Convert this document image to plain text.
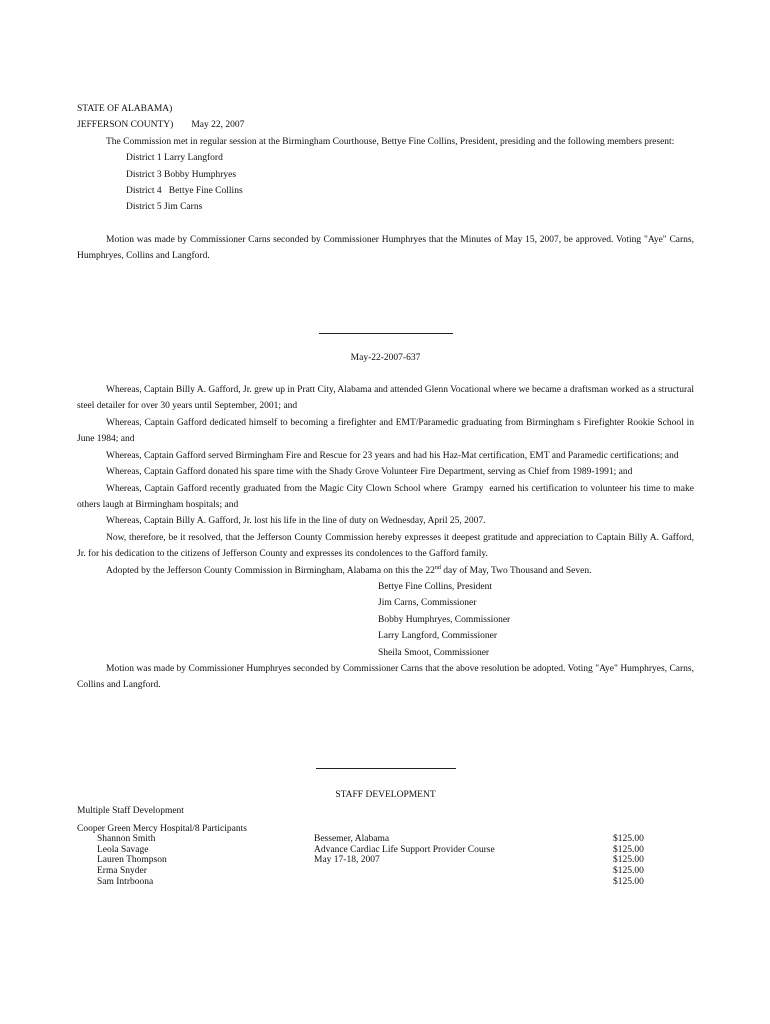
STATE OF ALABAMA)

JEFFERSON COUNTY) May 22, 2007

The Commission met in regular session at the Birmingham Courthouse, Bettye Fine Collins, President, presiding and the following members present:

District 1 Larry Langford

District 3 Bobby Humphryes

District 4   Bettye Fine Collins

District 5 Jim Carns

Motion was made by Commissioner Carns seconded by Commissioner Humphryes that the Minutes of May 15, 2007, be approved. Voting "Aye" Carns, Humphryes, Collins and Langford.

May-22-2007-637

Whereas, Captain Billy A. Gafford, Jr. grew up in Pratt City, Alabama and attended Glenn Vocational where we became a draftsman worked as a structural steel detailer for over 30 years until September, 2001; and

Whereas, Captain Gafford dedicated himself to becoming a firefighter and EMT/Paramedic graduating from Birmingham s Firefighter Rookie School in June 1984; and

Whereas, Captain Gafford served Birmingham Fire and Rescue for 23 years and had his Haz-Mat certification, EMT and Paramedic certifications; and

Whereas, Captain Gafford donated his spare time with the Shady Grove Volunteer Fire Department, serving as Chief from 1989-1991; and

Whereas, Captain Gafford recently graduated from the Magic City Clown School where  Grampy  earned his certification to volunteer his time to make others laugh at Birmingham hospitals; and

Whereas, Captain Billy A. Gafford, Jr. lost his life in the line of duty on Wednesday, April 25, 2007.

Now, therefore, be it resolved, that the Jefferson County Commission hereby expresses it deepest gratitude and appreciation to Captain Billy A. Gafford, Jr. for his dedication to the citizens of Jefferson County and expresses its condolences to the Gafford family.

Adopted by the Jefferson County Commission in Birmingham, Alabama on this the 22nd day of May, Two Thousand and Seven.

Bettye Fine Collins, President

Jim Carns, Commissioner

Bobby Humphryes, Commissioner

Larry Langford, Commissioner

Sheila Smoot, Commissioner

Motion was made by Commissioner Humphryes seconded by Commissioner Carns that the above resolution be adopted. Voting "Aye" Humphryes, Carns, Collins and Langford.

STAFF DEVELOPMENT

Multiple Staff Development

Cooper Green Mercy Hospital/8 Participants

Shannon Smith
Leola Savage
Lauren Thompson
Erma Snyder
Sam Intrboona
Bessemer, Alabama
Advance Cardiac Life Support Provider Course
May 17-18, 2007
$125.00
$125.00
$125.00
$125.00
$125.00
